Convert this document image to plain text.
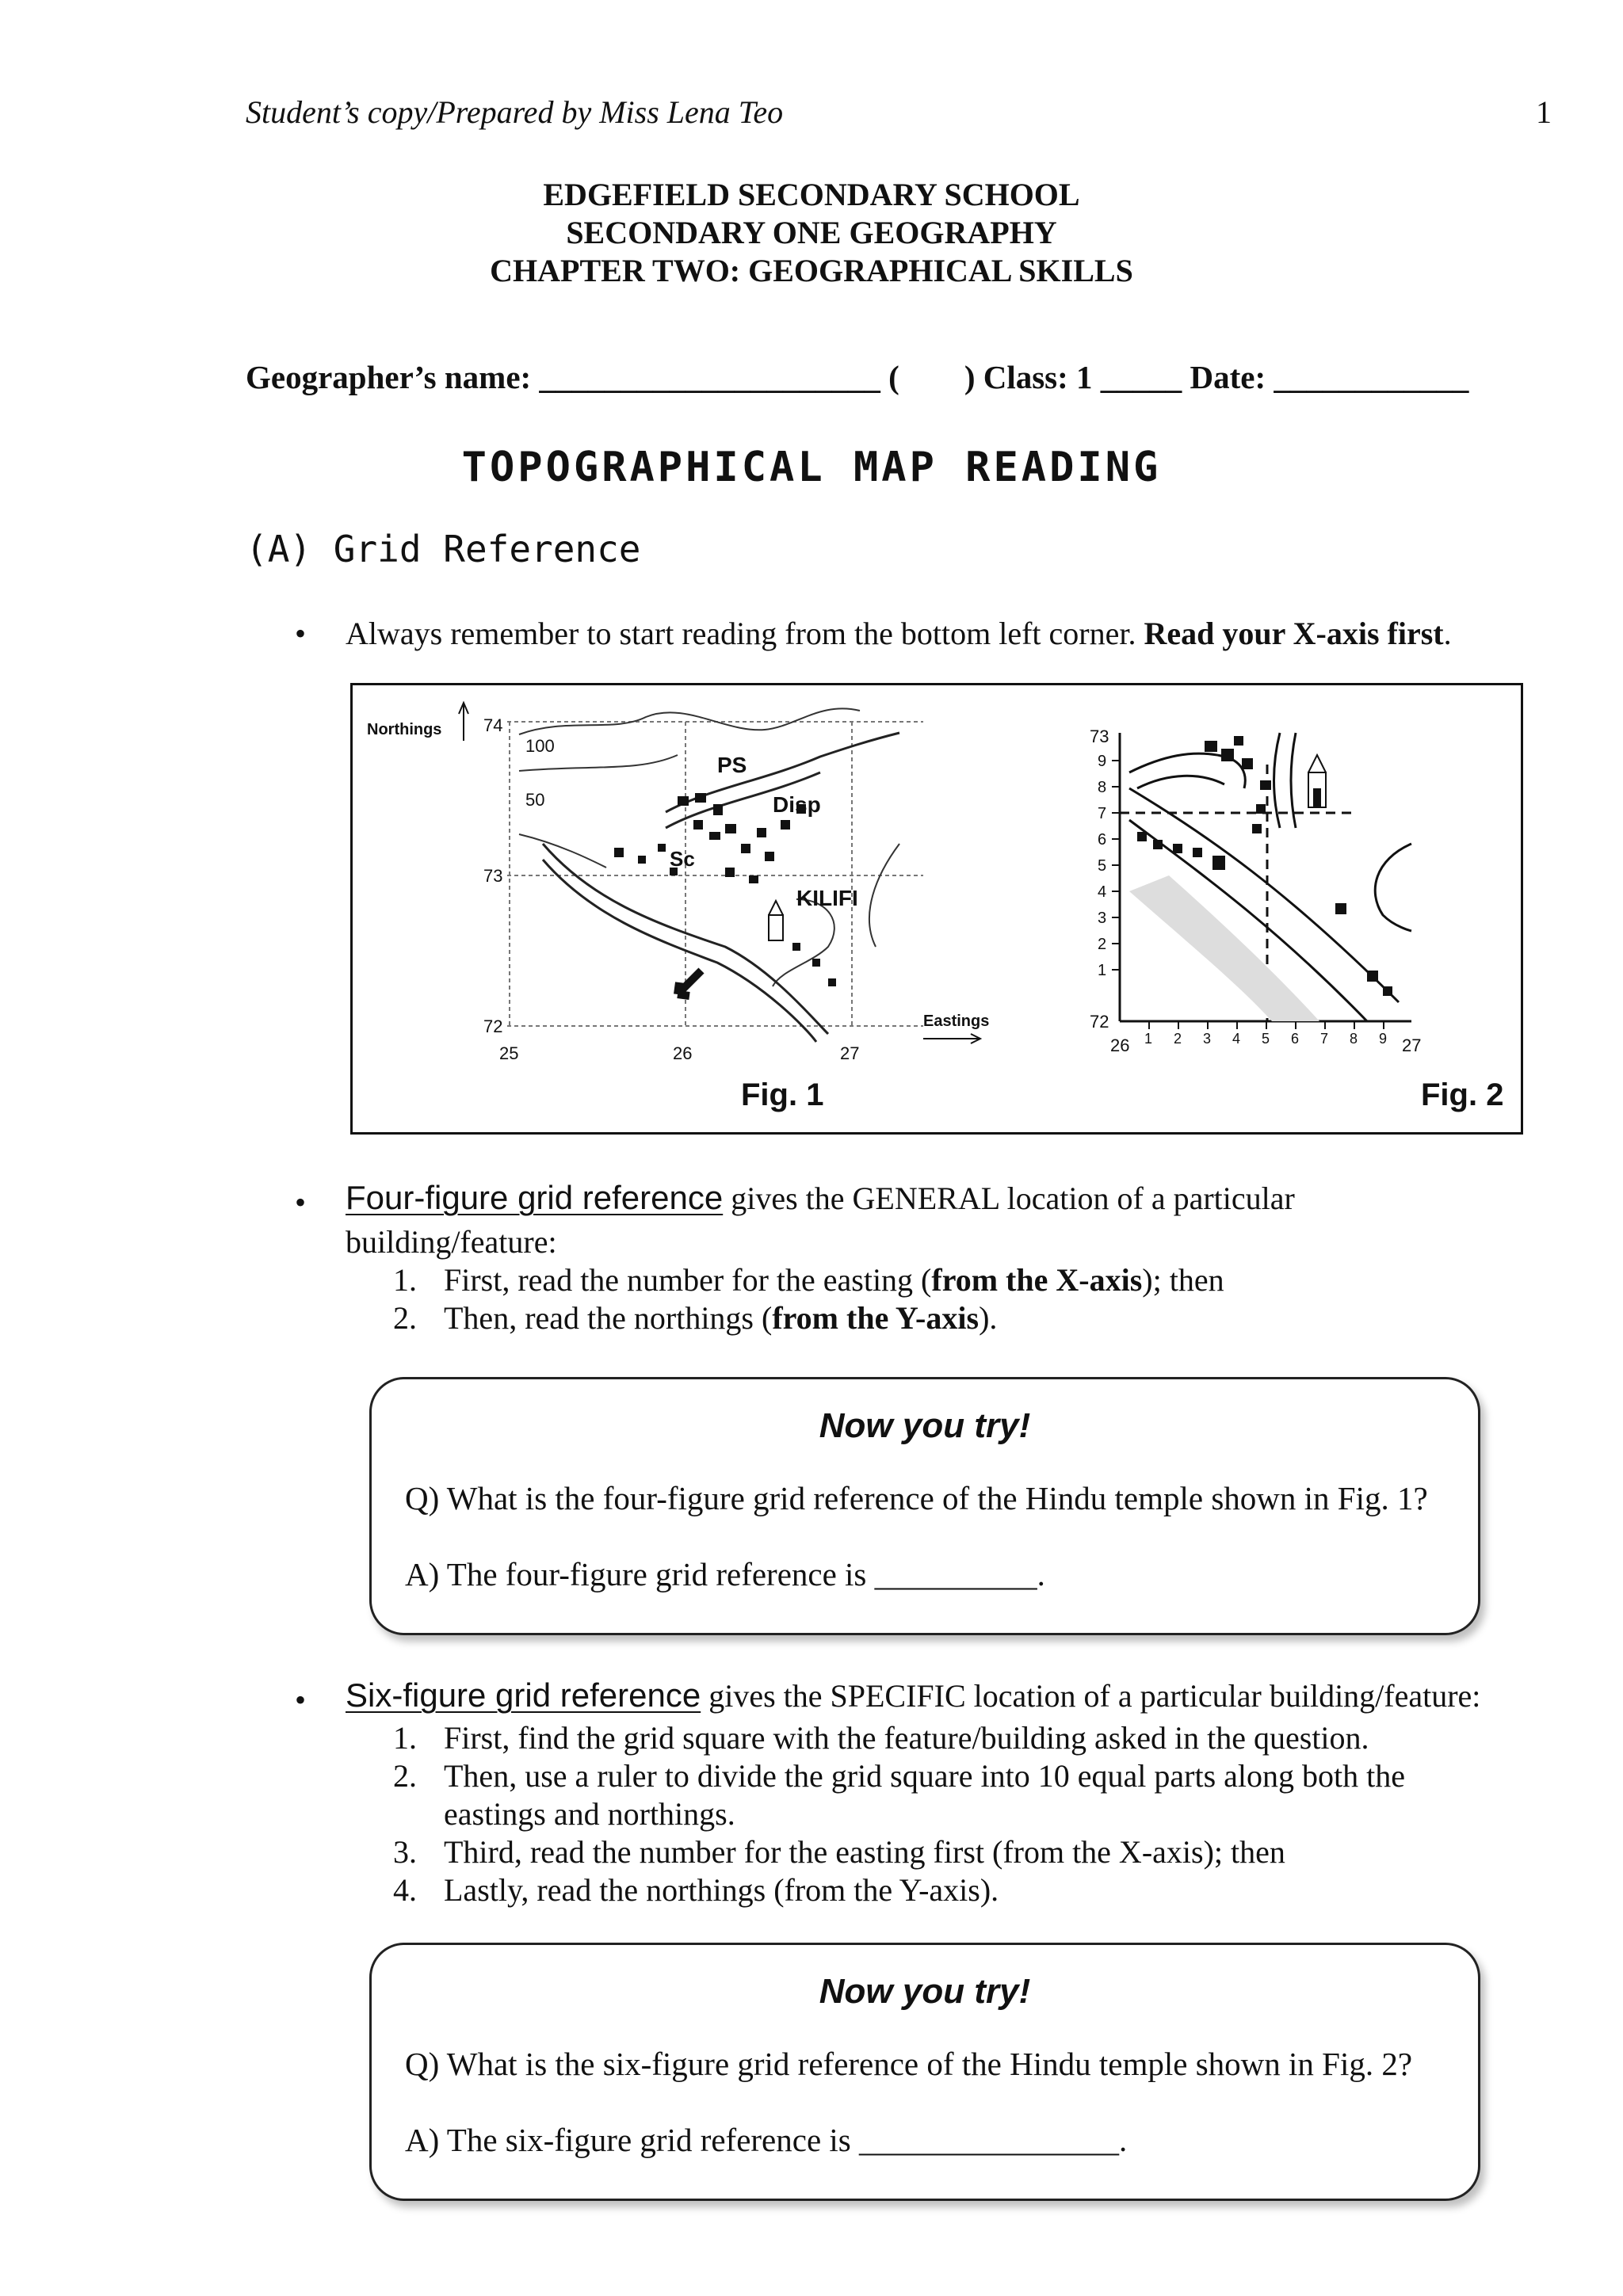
Student’s copy/Prepared by Miss Lena Teo	1
EDGEFIELD SECONDARY SCHOOL
SECONDARY ONE GEOGRAPHY
CHAPTER TWO: GEOGRAPHICAL SKILLS
Geographer’s name: _____________________ (        ) Class: 1 _____ Date: ____________
TOPOGRAPHICAL MAP READING
(A) Grid Reference
• Always remember to start reading from the bottom left corner. Read your X-axis first.
Northings 74
73
72
25	26	27
100
50
PS
Disp
Sc
KILIFI
Eastings
Fig. 1
73
72
9
8
7
6
5
4
3
2
1
26	27
1 2 3 4 5 6 7 8 9
Fig. 2
• Four-figure grid reference gives the GENERAL location of a particular
building/feature:
1. First, read the number for the easting (from the X-axis); then
2. Then, read the northings (from the Y-axis).
Now you try!
Q) What is the four-figure grid reference of the Hindu temple shown in Fig. 1?
A) The four-figure grid reference is __________.
• Six-figure grid reference gives the SPECIFIC location of a particular building/feature:
1. First, find the grid square with the feature/building asked in the question.
2. Then, use a ruler to divide the grid square into 10 equal parts along both the
eastings and northings.
3. Third, read the number for the easting first (from the X-axis); then
4. Lastly, read the northings (from the Y-axis).
Now you try!
Q) What is the six-figure grid reference of the Hindu temple shown in Fig. 2?
A) The six-figure grid reference is ________________.
